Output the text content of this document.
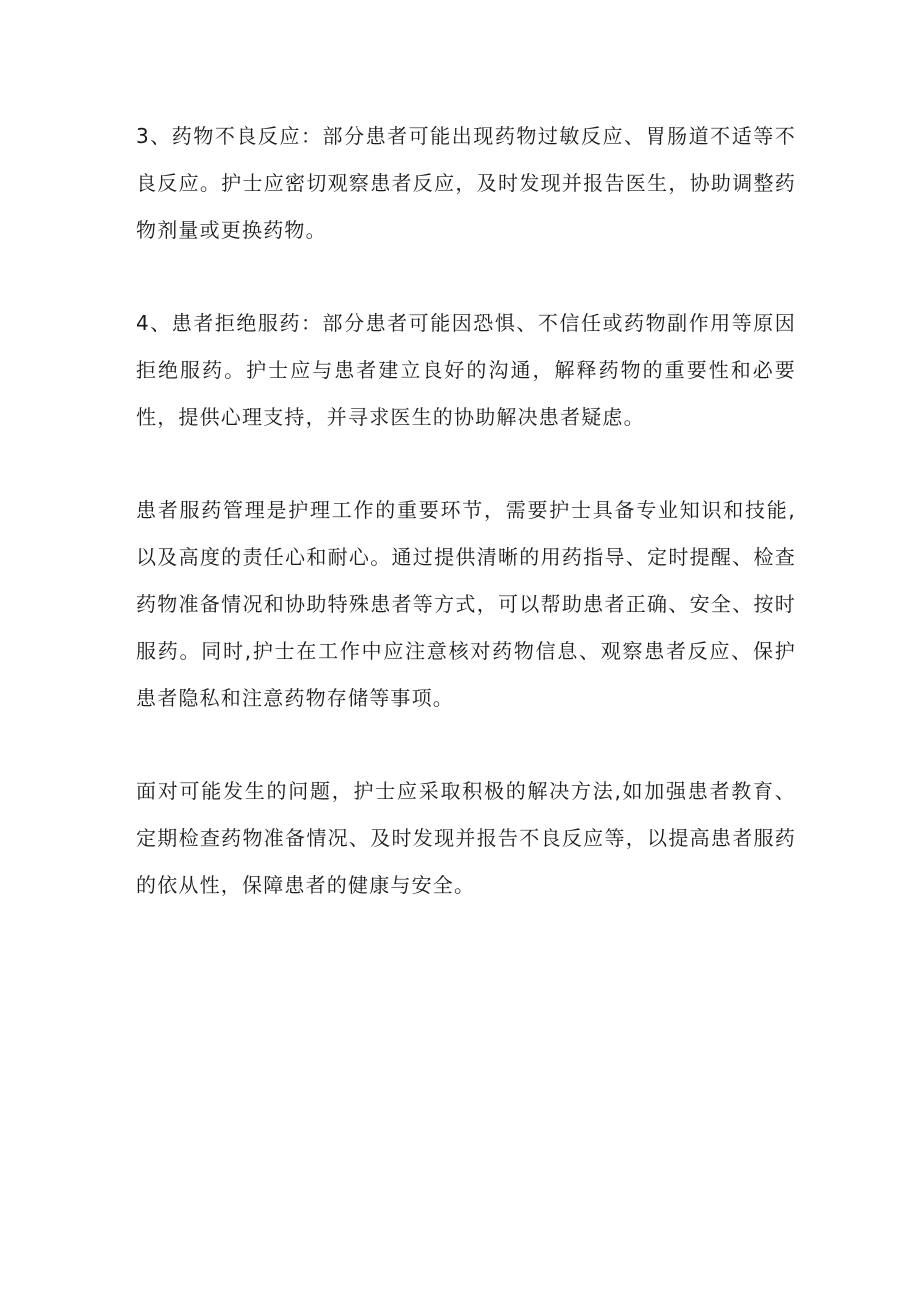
3、药物不良反应：部分患者可能出现药物过敏反应、胃肠道不适等不良反应。护士应密切观察患者反应，及时发现并报告医生，协助调整药物剂量或更换药物。

4、患者拒绝服药：部分患者可能因恐惧、不信任或药物副作用等原因拒绝服药。护士应与患者建立良好的沟通，解释药物的重要性和必要性，提供心理支持，并寻求医生的协助解决患者疑虑。

患者服药管理是护理工作的重要环节，需要护士具备专业知识和技能,以及高度的责任心和耐心。通过提供清晰的用药指导、定时提醒、检查药物准备情况和协助特殊患者等方式，可以帮助患者正确、安全、按时服药。同时,护士在工作中应注意核对药物信息、观察患者反应、保护患者隐私和注意药物存储等事项。

面对可能发生的问题，护士应采取积极的解决方法,如加强患者教育、定期检查药物准备情况、及时发现并报告不良反应等，以提高患者服药的依从性，保障患者的健康与安全。
